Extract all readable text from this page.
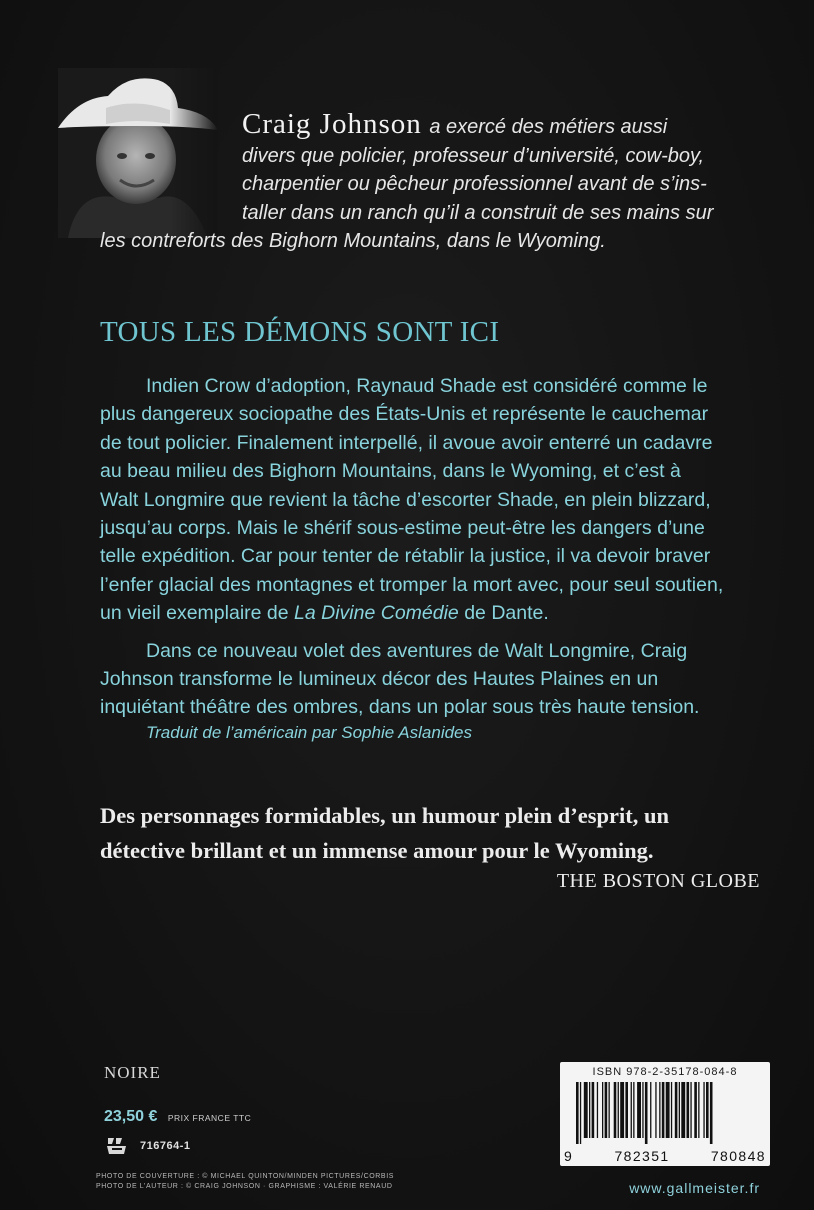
Craig Johnson a exercé des métiers aussi
divers que policier, professeur d’université, cow-boy,
charpentier ou pêcheur professionnel avant de s’ins-
taller dans un ranch qu’il a construit de ses mains sur
les contreforts des Bighorn Mountains, dans le Wyoming.
TOUS LES DÉMONS SONT ICI
Indien Crow d’adoption, Raynaud Shade est considéré comme le
plus dangereux sociopathe des États-Unis et représente le cauchemar
de tout policier. Finalement interpellé, il avoue avoir enterré un cadavre
au beau milieu des Bighorn Mountains, dans le Wyoming, et c’est à
Walt Longmire que revient la tâche d’escorter Shade, en plein blizzard,
jusqu’au corps. Mais le shérif sous-estime peut-être les dangers d’une
telle expédition. Car pour tenter de rétablir la justice, il va devoir braver
l’enfer glacial des montagnes et tromper la mort avec, pour seul soutien,
un vieil exemplaire de La Divine Comédie de Dante.
Dans ce nouveau volet des aventures de Walt Longmire, Craig
Johnson transforme le lumineux décor des Hautes Plaines en un
inquiétant théâtre des ombres, dans un polar sous très haute tension.
Traduit de l’américain par Sophie Aslanides
Des personnages formidables, un humour plein d’esprit, un
détective brillant et un immense amour pour le Wyoming.
THE BOSTON GLOBE
NOIRE
23,50 € PRIX FRANCE TTC
716764-1
PHOTO DE COUVERTURE : © MICHAEL QUINTON/MINDEN PICTURES/CORBIS
PHOTO DE L’AUTEUR : © CRAIG JOHNSON · GRAPHISME : VALÉRIE RENAUD
ISBN 978-2-35178-084-8
9	782351	780848
www.gallmeister.fr
